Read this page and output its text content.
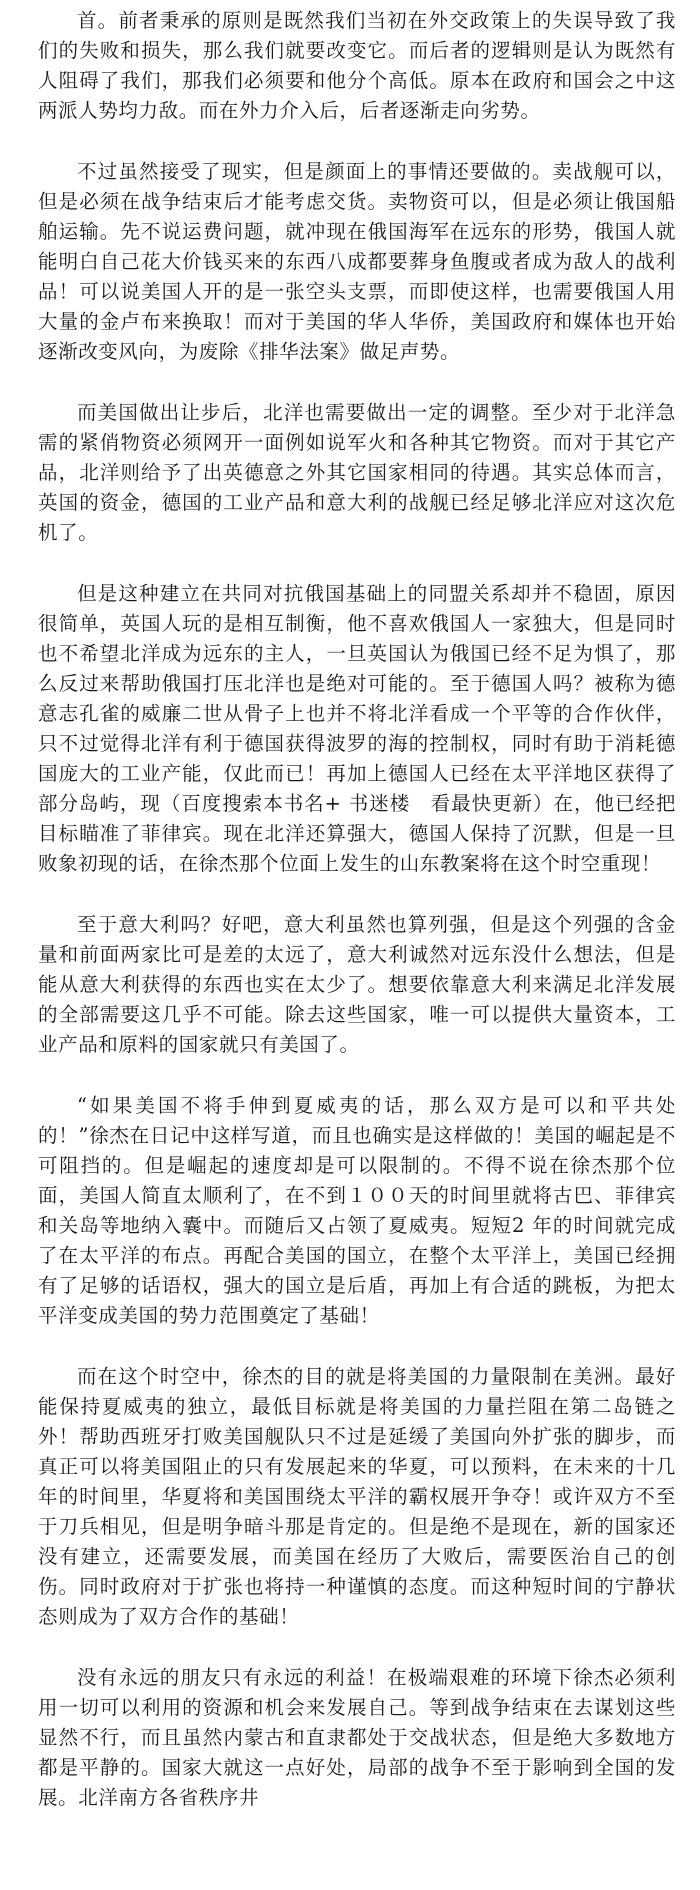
首。前者秉承的原则是既然我们当初在外交政策上的失误导致了我们的失败和损失，那么我们就要改变它。而后者的逻辑则是认为既然有人阻碍了我们，那我们必须要和他分个高低。原本在政府和国会之中这两派人势均力敌。而在外力介入后，后者逐渐走向劣势。

不过虽然接受了现实，但是颜面上的事情还要做的。卖战舰可以，但是必须在战争结束后才能考虑交货。卖物资可以，但是必须让俄国船舶运输。先不说运费问题，就冲现在俄国海军在远东的形势，俄国人就能明白自己花大价钱买来的东西八成都要葬身鱼腹或者成为敌人的战利品！可以说美国人开的是一张空头支票，而即使这样，也需要俄国人用大量的金卢布来换取！而对于美国的华人华侨，美国政府和媒体也开始逐渐改变风向，为废除《排华法案》做足声势。

而美国做出让步后，北洋也需要做出一定的调整。至少对于北洋急需的紧俏物资必须网开一面例如说军火和各种其它物资。而对于其它产品，北洋则给予了出英德意之外其它国家相同的待遇。其实总体而言，英国的资金，德国的工业产品和意大利的战舰已经足够北洋应对这次危机了。

但是这种建立在共同对抗俄国基础上的同盟关系却并不稳固，原因很简单，英国人玩的是相互制衡，他不喜欢俄国人一家独大，但是同时也不希望北洋成为远东的主人，一旦英国认为俄国已经不足为惧了，那么反过来帮助俄国打压北洋也是绝对可能的。至于德国人吗？被称为德意志孔雀的威廉二世从骨子上也并不将北洋看成一个平等的合作伙伴，只不过觉得北洋有利于德国获得波罗的海的控制权，同时有助于消耗德国庞大的工业产能，仅此而已！再加上德国人已经在太平洋地区获得了部分岛屿，现（百度搜索本书名+ 书迷楼　看最快更新）在，他已经把目标瞄准了菲律宾。现在北洋还算强大，德国人保持了沉默，但是一旦败象初现的话，在徐杰那个位面上发生的山东教案将在这个时空重现！

至于意大利吗？好吧，意大利虽然也算列强，但是这个列强的含金量和前面两家比可是差的太远了，意大利诚然对远东没什么想法，但是能从意大利获得的东西也实在太少了。想要依靠意大利来满足北洋发展的全部需要这几乎不可能。除去这些国家，唯一可以提供大量资本，工业产品和原料的国家就只有美国了。

“如果美国不将手伸到夏威夷的话，那么双方是可以和平共处的！”徐杰在日记中这样写道，而且也确实是这样做的！美国的崛起是不可阻挡的。但是崛起的速度却是可以限制的。不得不说在徐杰那个位面，美国人简直太顺利了，在不到１００天的时间里就将古巴、菲律宾和关岛等地纳入囊中。而随后又占领了夏威夷。短短2 年的时间就完成了在太平洋的布点。再配合美国的国立，在整个太平洋上，美国已经拥有了足够的话语权，强大的国立是后盾，再加上有合适的跳板，为把太平洋变成美国的势力范围奠定了基础！

而在这个时空中，徐杰的目的就是将美国的力量限制在美洲。最好能保持夏威夷的独立，最低目标就是将美国的力量拦阻在第二岛链之外！帮助西班牙打败美国舰队只不过是延缓了美国向外扩张的脚步，而真正可以将美国阻止的只有发展起来的华夏，可以预料，在未来的十几年的时间里，华夏将和美国围绕太平洋的霸权展开争夺！或许双方不至于刀兵相见，但是明争暗斗那是肯定的。但是绝不是现在，新的国家还没有建立，还需要发展，而美国在经历了大败后，需要医治自己的创伤。同时政府对于扩张也将持一种谨慎的态度。而这种短时间的宁静状态则成为了双方合作的基础！

没有永远的朋友只有永远的利益！在极端艰难的环境下徐杰必须利用一切可以利用的资源和机会来发展自己。等到战争结束在去谋划这些显然不行，而且虽然内蒙古和直隶都处于交战状态，但是绝大多数地方都是平静的。国家大就这一点好处，局部的战争不至于影响到全国的发展。北洋南方各省秩序井
